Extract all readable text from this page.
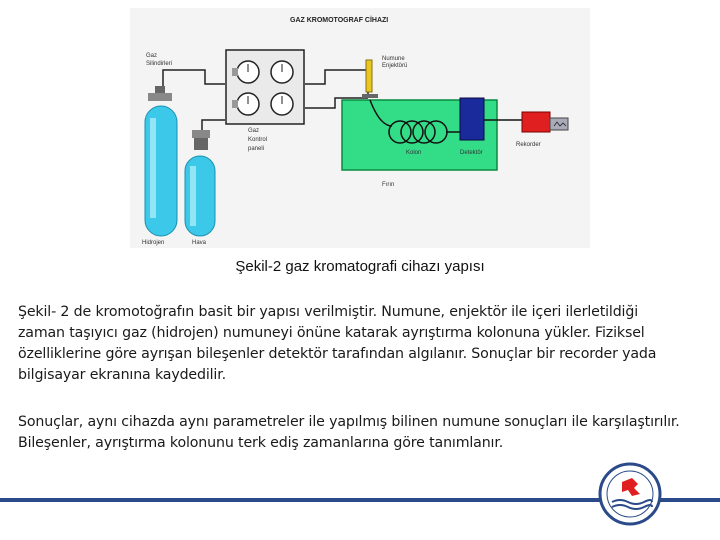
GAZ KROMOTOGRAF CİHAZI
Gaz
Silindirleri
Numune
Enjektörü
Gaz
Kontrol
paneli
Kolon	Detektör
Rekorder
Fırın
Hidrojen	Hava
Şekil-2 gaz kromatografi cihazı yapısı

Şekil- 2 de kromotoğrafın basit bir yapısı verilmiştir. Numune, enjektör ile içeri ilerletildiği
zaman taşıyıcı gaz (hidrojen) numuneyi önüne katarak ayrıştırma kolonuna yükler. Fiziksel
özelliklerine göre ayrışan bileşenler detektör tarafından algılanır. Sonuçlar bir recorder yada
bilgisayar ekranına kaydedilir.

Sonuçlar, aynı cihazda aynı parametreler ile yapılmış bilinen numune sonuçları ile karşılaştırılır.
Bileşenler, ayrıştırma kolonunu terk ediş zamanlarına göre tanımlanır.
